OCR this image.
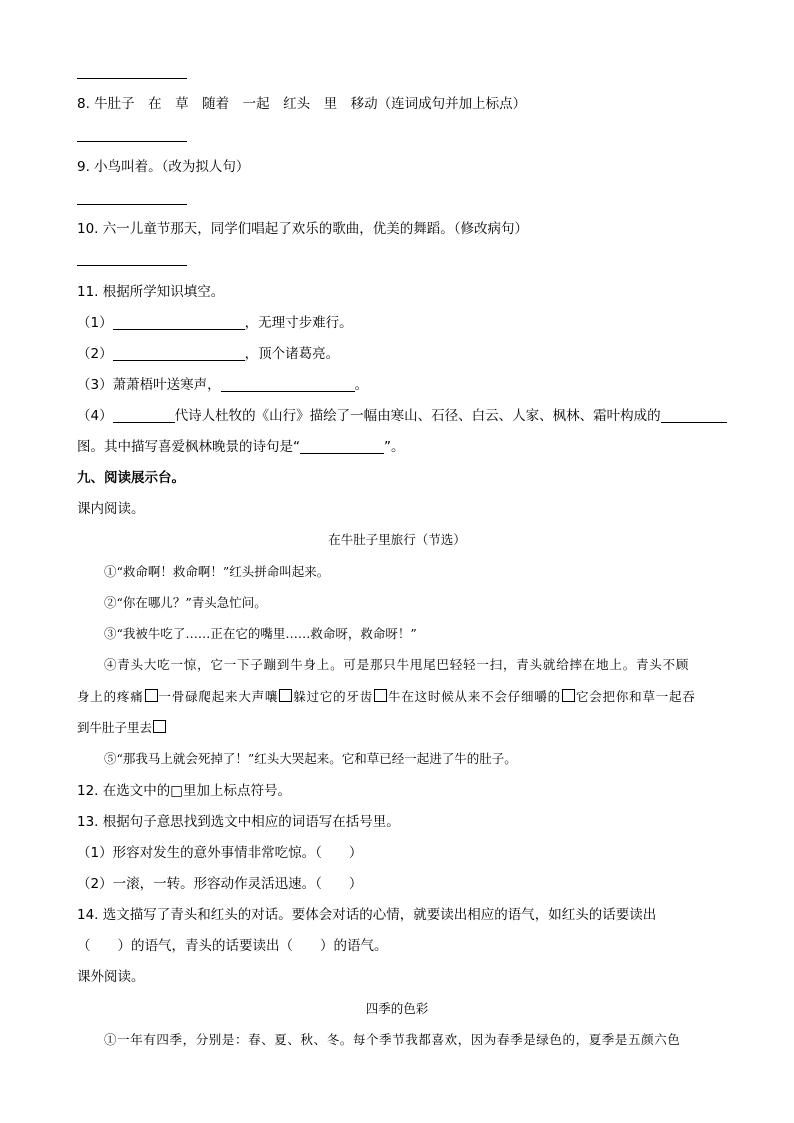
8. 牛肚子　在　草　随着　一起　红头　里　移动（连词成句并加上标点）
9. 小鸟叫着。（改为拟人句）
10. 六一儿童节那天，同学们唱起了欢乐的歌曲，优美的舞蹈。（修改病句）
11. 根据所学知识填空。
（1）	，无理寸步难行。
（2）	，顶个诸葛亮。
（3）萧萧梧叶送寒声，	。
（4）	代诗人杜牧的《山行》描绘了一幅由寒山、石径、白云、人家、枫林、霜叶构成的
图。其中描写喜爱枫林晚景的诗句是“	”。
九、阅读展示台。
课内阅读。
在牛肚子里旅行（节选）
①“救命啊！救命啊！”红头拼命叫起来。
②“你在哪儿？”青头急忙问。
③“我被牛吃了……正在它的嘴里……救命呀，救命呀！”
④青头大吃一惊，它一下子蹦到牛身上。可是那只牛甩尾巴轻轻一扫，青头就给摔在地上。青头不顾
身上的疼痛 一骨碌爬起来大声嚷 躲过它的牙齿 牛在这时候从来不会仔细嚼的 它会把你和草一起吞
到牛肚子里去
⑤“那我马上就会死掉了！”红头大哭起来。它和草已经一起进了牛的肚子。
12. 在选文中的□里加上标点符号。
13. 根据句子意思找到选文中相应的词语写在括号里。
（1）形容对发生的意外事情非常吃惊。（　　）
（2）一滚，一转。形容动作灵活迅速。（　　）
14. 选文描写了青头和红头的对话。要体会对话的心情，就要读出相应的语气，如红头的话要读出
（　　）的语气，青头的话要读出（　　）的语气。
课外阅读。
四季的色彩
①一年有四季，分别是：春、夏、秋、冬。每个季节我都喜欢，因为春季是绿色的，夏季是五颜六色
